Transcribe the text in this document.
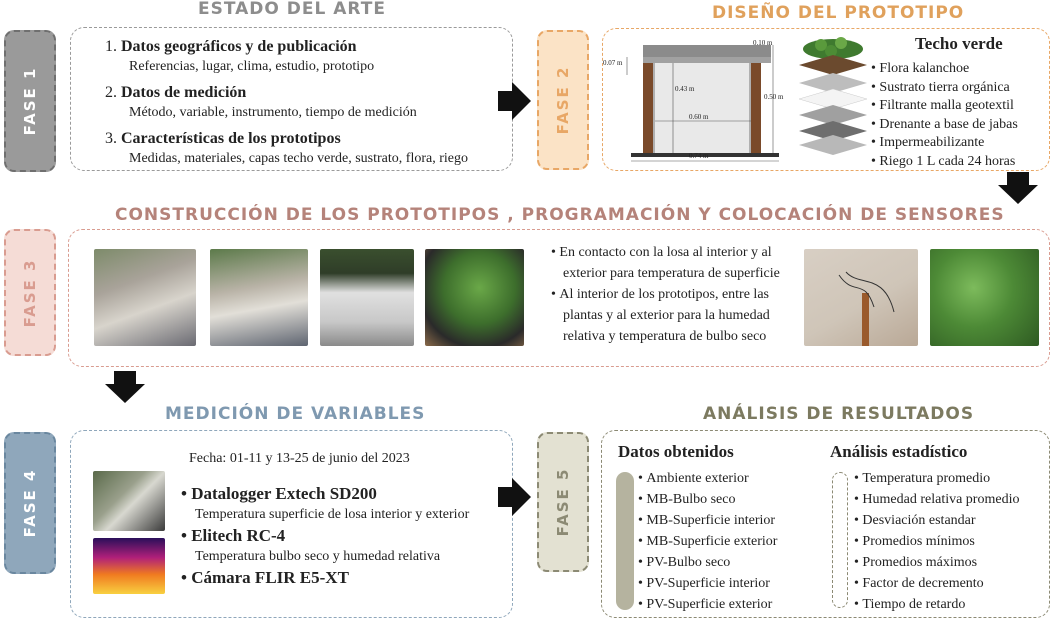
ESTADO DEL ARTE
FASE 1
1. Datos geográficos y de publicación
Referencias, lugar, clima, estudio, prototipo
2. Datos de medición
Método, variable, instrumento, tiempo de medición
3. Características de los prototipos
Medidas, materiales, capas techo verde, sustrato, flora, riego
DISEÑO DEL PROTOTIPO
FASE 2
0.10 m
0.07 m
0.43 m
0.50 m
0.60 m
0.74 m
Techo verde
• Flora kalanchoe
• Sustrato tierra orgánica
• Filtrante malla geotextil
• Drenante a base de jabas
• Impermeabilizante
• Riego 1 L cada 24 horas
CONSTRUCCIÓN DE LOS PROTOTIPOS , PROGRAMACIÓN Y COLOCACIÓN DE SENSORES
FASE 3
• En contacto con la losa al interior y al exterior para temperatura de superficie
• Al interior de los prototipos, entre las plantas y al exterior para la humedad relativa y temperatura de bulbo seco
MEDICIÓN DE VARIABLES
FASE 4
Fecha: 01-11 y 13-25 de junio del 2023
• Datalogger Extech SD200
Temperatura superficie de losa interior y exterior
• Elitech RC-4
Temperatura bulbo seco y humedad relativa
• Cámara FLIR E5-XT
ANÁLISIS DE RESULTADOS
FASE 5
Datos obtenidos
• Ambiente exterior
• MB-Bulbo seco
• MB-Superficie interior
• MB-Superficie exterior
• PV-Bulbo seco
• PV-Superficie interior
• PV-Superficie exterior
Análisis estadístico
• Temperatura promedio
• Humedad relativa promedio
• Desviación estandar
• Promedios mínimos
• Promedios máximos
• Factor de decremento
• Tiempo de retardo
